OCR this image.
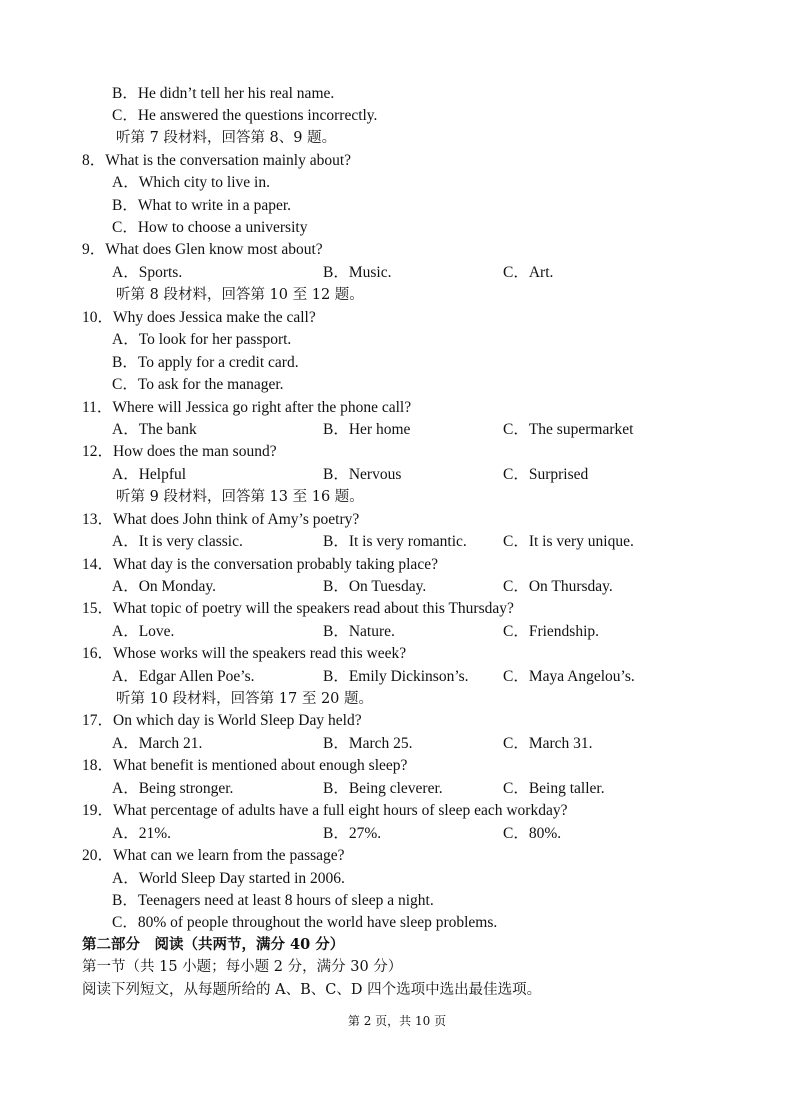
B．He didn’t tell her his real name.
C．He answered the questions incorrectly.
听第 7 段材料，回答第 8、9 题。
8．What is the conversation mainly about?
A．Which city to live in.
B．What to write in a paper.
C．How to choose a university
9．What does Glen know most about?
A．Sports.	B．Music.	C．Art.
听第 8 段材料，回答第 10 至 12 题。
10．Why does Jessica make the call?
A．To look for her passport.
B．To apply for a credit card.
C．To ask for the manager.
11．Where will Jessica go right after the phone call?
A．The bank	B．Her home	C．The supermarket
12．How does the man sound?
A．Helpful	B．Nervous	C．Surprised
听第 9 段材料，回答第 13 至 16 题。
13．What does John think of Amy’s poetry?
A．It is very classic.	B．It is very romantic. C．It is very unique.
14．What day is the conversation probably taking place?
A．On Monday.	B．On Tuesday.	C．On Thursday.
15．What topic of poetry will the speakers read about this Thursday?
A．Love.	B．Nature.	C．Friendship.
16．Whose works will the speakers read this week?
A．Edgar Allen Poe’s.	B．Emily Dickinson’s. C．Maya Angelou’s.
听第 10 段材料，回答第 17 至 20 题。
17．On which day is World Sleep Day held?
A．March 21.	B．March 25.	C．March 31.
18．What benefit is mentioned about enough sleep?
A．Being stronger.	B．Being cleverer.	C．Being taller.
19．What percentage of adults have a full eight hours of sleep each workday?
A．21%.	B．27%.	C．80%.
20．What can we learn from the passage?
A．World Sleep Day started in 2006.
B．Teenagers need at least 8 hours of sleep a night.
C．80% of people throughout the world have sleep problems.
第二部分　阅读（共两节，满分 40 分）
第一节（共 15 小题；每小题 2 分，满分 30 分）
阅读下列短文，从每题所给的 A、B、C、D 四个选项中选出最佳选项。
第 2 页，共 10 页
